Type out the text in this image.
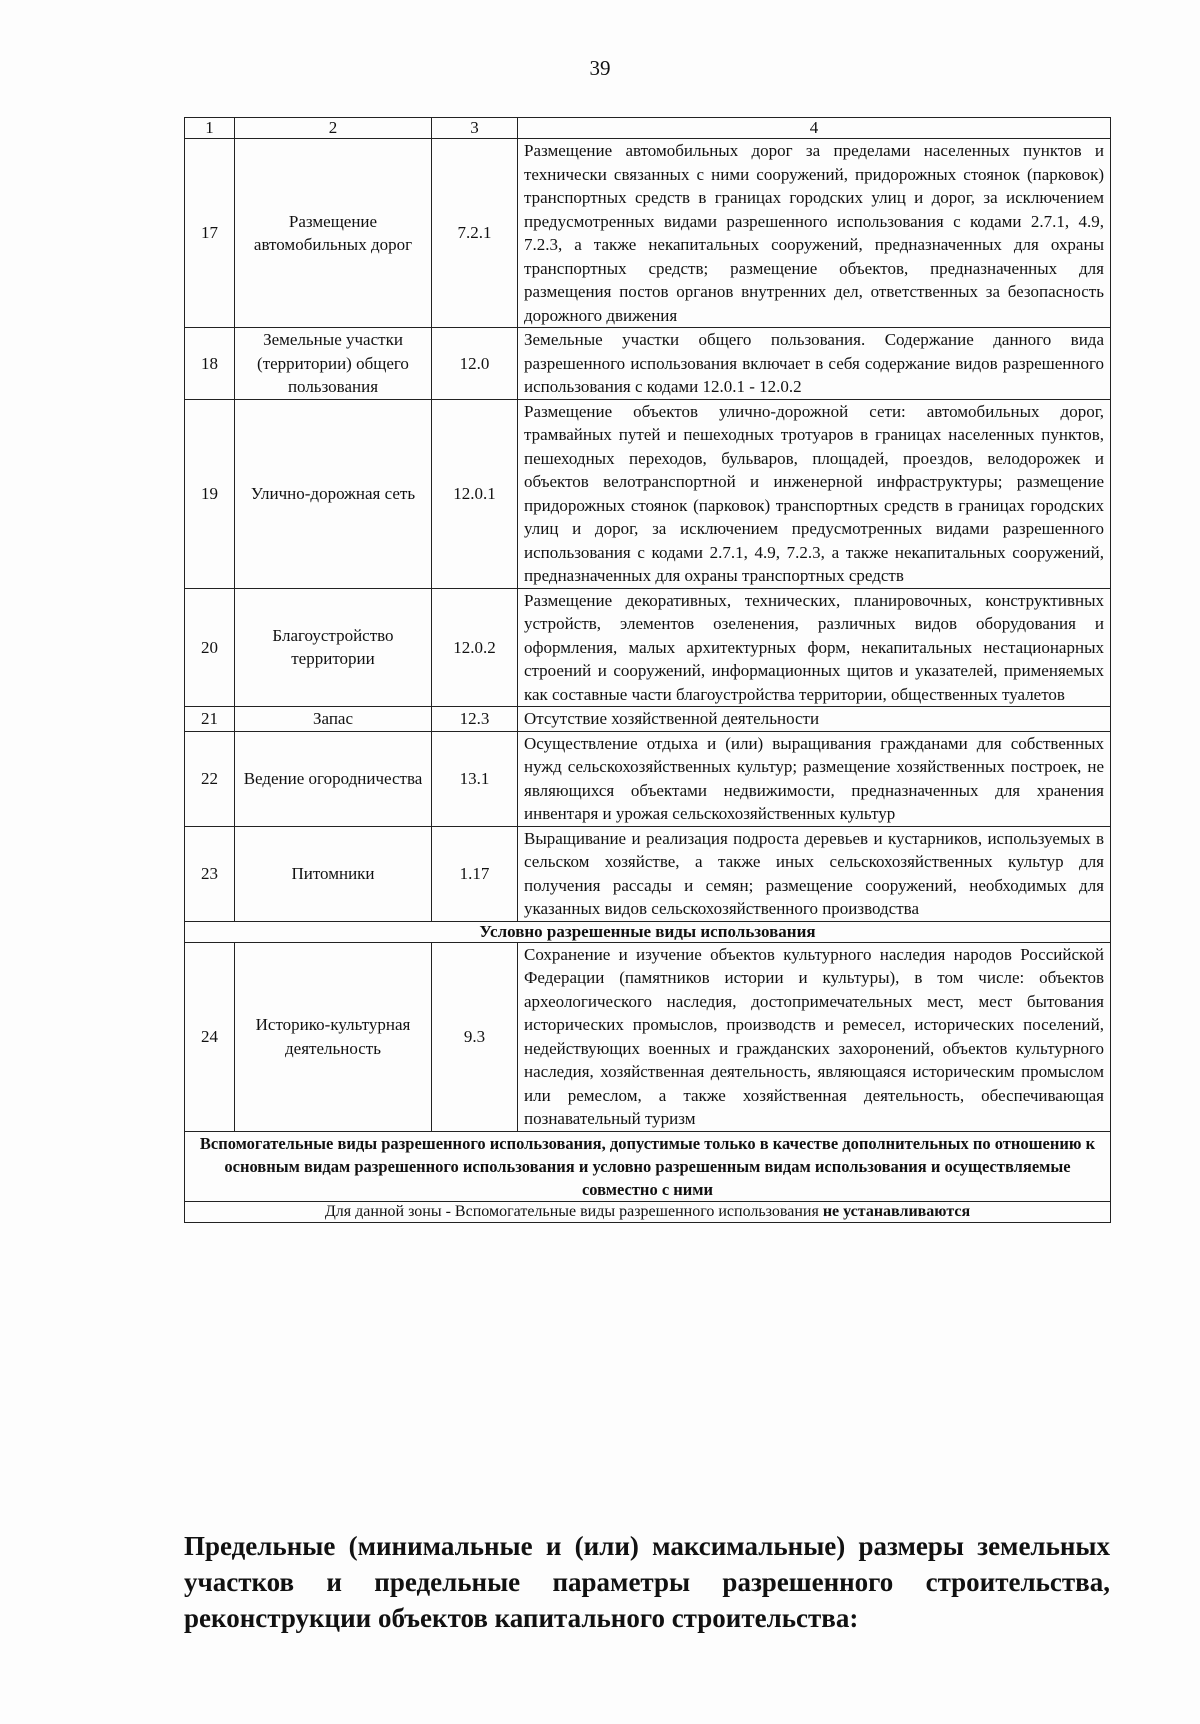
39
1	2	3	4
17	Размещение автомобильных дорог	7.2.1	Размещение автомобильных дорог за пределами населенных пунктов и технически связанных с ними сооружений, придорожных стоянок (парковок) транспортных средств в границах городских улиц и дорог, за исключением предусмотренных видами разрешенного использования с кодами 2.7.1, 4.9, 7.2.3, а также некапитальных сооружений, предназначенных для охраны транспортных средств; размещение объектов, предназначенных для размещения постов органов внутренних дел, ответственных за безопасность дорожного движения
18	Земельные участки (территории) общего пользования	12.0	Земельные участки общего пользования. Содержание данного вида разрешенного использования включает в себя содержание видов разрешенного использования с кодами 12.0.1 - 12.0.2
19	Улично-дорожная сеть	12.0.1	Размещение объектов улично-дорожной сети: автомобильных дорог, трамвайных путей и пешеходных тротуаров в границах населенных пунктов, пешеходных переходов, бульваров, площадей, проездов, велодорожек и объектов велотранспортной и инженерной инфраструктуры; размещение придорожных стоянок (парковок) транспортных средств в границах городских улиц и дорог, за исключением предусмотренных видами разрешенного использования с кодами 2.7.1, 4.9, 7.2.3, а также некапитальных сооружений, предназначенных для охраны транспортных средств
20	Благоустройство территории	12.0.2	Размещение декоративных, технических, планировочных, конструктивных устройств, элементов озеленения, различных видов оборудования и оформления, малых архитектурных форм, некапитальных нестационарных строений и сооружений, информационных щитов и указателей, применяемых как составные части благоустройства территории, общественных туалетов
21	Запас	12.3	Отсутствие хозяйственной деятельности
22	Ведение огородничества	13.1	Осуществление отдыха и (или) выращивания гражданами для собственных нужд сельскохозяйственных культур; размещение хозяйственных построек, не являющихся объектами недвижимости, предназначенных для хранения инвентаря и урожая сельскохозяйственных культур
23	Питомники	1.17	Выращивание и реализация подроста деревьев и кустарников, используемых в сельском хозяйстве, а также иных сельскохозяйственных культур для получения рассады и семян; размещение сооружений, необходимых для указанных видов сельскохозяйственного производства
Условно разрешенные виды использования			
24	Историко-культурная деятельность	9.3	Сохранение и изучение объектов культурного наследия народов Российской Федерации (памятников истории и культуры), в том числе: объектов археологического наследия, достопримечательных мест, мест бытования исторических промыслов, производств и ремесел, исторических поселений, недействующих военных и гражданских захоронений, объектов культурного наследия, хозяйственная деятельность, являющаяся историческим промыслом или ремеслом, а также хозяйственная деятельность, обеспечивающая познавательный туризм
Вспомогательные виды разрешенного использования, допустимые только в качестве дополнительных по отношению к основным видам разрешенного использования и условно разрешенным видам использования и осуществляемые совместно с ними			
Для данной зоны - Вспомогательные виды разрешенного использования не устанавливаются			
Предельные (минимальные и (или) максимальные) размеры земельных участков и предельные параметры разрешенного строительства, реконструкции объектов капитального строительства:
